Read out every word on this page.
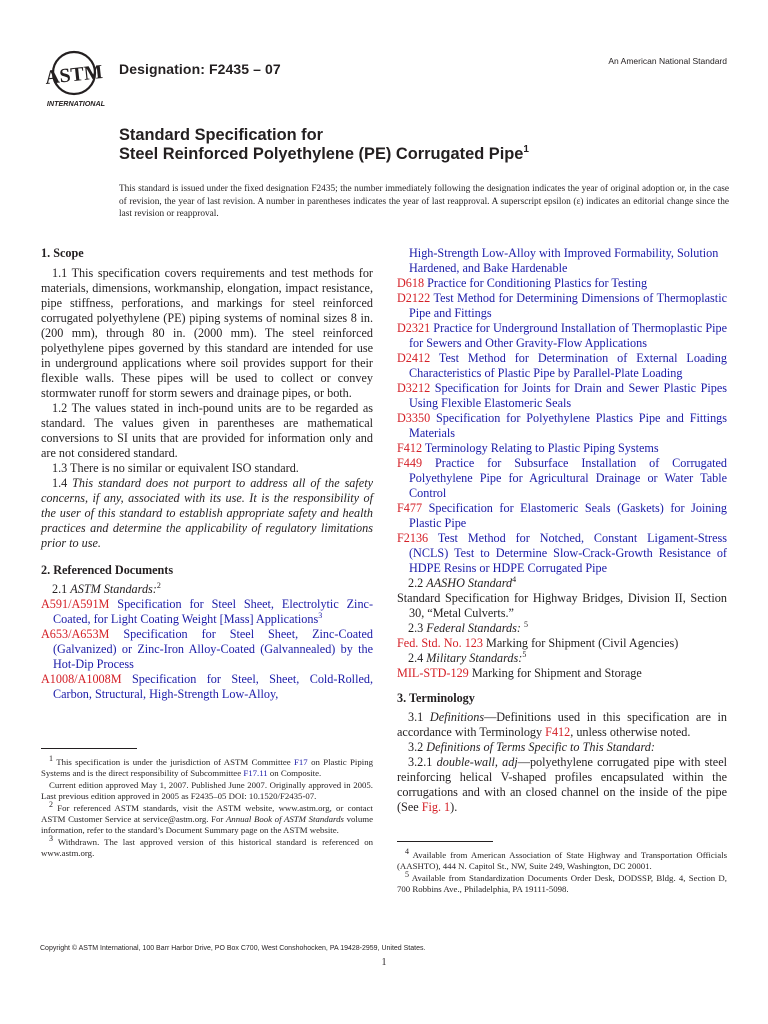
ASTM
INTERNATIONAL
Designation: F2435 – 07	An American National Standard
Standard Specification for
Steel Reinforced Polyethylene (PE) Corrugated Pipe$^1$
This standard is issued under the fixed designation F2435; the number immediately following the designation indicates the year of original adoption or, in the case of revision, the year of last revision. A number in parentheses indicates the year of last reapproval. A superscript epsilon (ε) indicates an editorial change since the last revision or reapproval.

1. Scope

1.1 This specification covers requirements and test methods for materials, dimensions, workmanship, elongation, impact resistance, pipe stiffness, perforations, and markings for steel reinforced corrugated polyethylene (PE) piping systems of nominal sizes 8 in. (200 mm), through 80 in. (2000 mm). The steel reinforced polyethylene pipes governed by this standard are intended for use in underground applications where soil provides support for their flexible walls. These pipes will be used to collect or convey stormwater runoff for storm sewers and drainage pipes, or both.

1.2 The values stated in inch-pound units are to be regarded as standard. The values given in parentheses are mathematical conversions to SI units that are provided for information only and are not considered standard.

1.3 There is no similar or equivalent ISO standard.

1.4 This standard does not purport to address all of the safety concerns, if any, associated with its use. It is the responsibility of the user of this standard to establish appropriate safety and health practices and determine the applicability of regulatory limitations prior to use.

2. Referenced Documents

2.1 ASTM Standards:$^2$

A591/A591M Specification for Steel Sheet, Electrolytic Zinc-Coated, for Light Coating Weight [Mass] Applications$^3$

A653/A653M Specification for Steel Sheet, Zinc-Coated (Galvanized) or Zinc-Iron Alloy-Coated (Galvannealed) by the Hot-Dip Process

A1008/A1008M Specification for Steel, Sheet, Cold-Rolled, Carbon, Structural, High-Strength Low-Alloy,

$^1$ This specification is under the jurisdiction of ASTM Committee F17 on Plastic Piping Systems and is the direct responsibility of Subcommittee F17.11 on Composite.

Current edition approved May 1, 2007. Published June 2007. Originally approved in 2005. Last previous edition approved in 2005 as F2435–05 DOI: 10.1520/F2435-07.

$^2$ For referenced ASTM standards, visit the ASTM website, www.astm.org, or contact ASTM Customer Service at service@astm.org. For Annual Book of ASTM Standards volume information, refer to the standard’s Document Summary page on the ASTM website.

$^3$ Withdrawn. The last approved version of this historical standard is referenced on www.astm.org.

High-Strength Low-Alloy with Improved Formability, Solution Hardened, and Bake Hardenable

D618 Practice for Conditioning Plastics for Testing

D2122 Test Method for Determining Dimensions of Thermoplastic Pipe and Fittings

D2321 Practice for Underground Installation of Thermoplastic Pipe for Sewers and Other Gravity-Flow Applications

D2412 Test Method for Determination of External Loading Characteristics of Plastic Pipe by Parallel-Plate Loading

D3212 Specification for Joints for Drain and Sewer Plastic Pipes Using Flexible Elastomeric Seals

D3350 Specification for Polyethylene Plastics Pipe and Fittings Materials

F412 Terminology Relating to Plastic Piping Systems

F449 Practice for Subsurface Installation of Corrugated Polyethylene Pipe for Agricultural Drainage or Water Table Control

F477 Specification for Elastomeric Seals (Gaskets) for Joining Plastic Pipe

F2136 Test Method for Notched, Constant Ligament-Stress (NCLS) Test to Determine Slow-Crack-Growth Resistance of HDPE Resins or HDPE Corrugated Pipe

2.2 AASHO Standard$^4$

Standard Specification for Highway Bridges, Division II, Section 30, “Metal Culverts.”

2.3 Federal Standards: $^5$

Fed. Std. No. 123 Marking for Shipment (Civil Agencies)

2.4 Military Standards:$^5$

MIL-STD-129 Marking for Shipment and Storage

3. Terminology

3.1 Definitions—Definitions used in this specification are in accordance with Terminology F412, unless otherwise noted.

3.2 Definitions of Terms Specific to This Standard:

3.2.1 double-wall, adj—polyethylene corrugated pipe with steel reinforcing helical V-shaped profiles encapsulated within the corrugations and with an closed channel on the inside of the pipe (See Fig. 1).

$^4$ Available from American Association of State Highway and Transportation Officials (AASHTO), 444 N. Capitol St., NW, Suite 249, Washington, DC 20001.

$^5$ Available from Standardization Documents Order Desk, DODSSP, Bldg. 4, Section D, 700 Robbins Ave., Philadelphia, PA 19111-5098.

Copyright © ASTM International, 100 Barr Harbor Drive, PO Box C700, West Conshohocken, PA 19428-2959, United States.
1
